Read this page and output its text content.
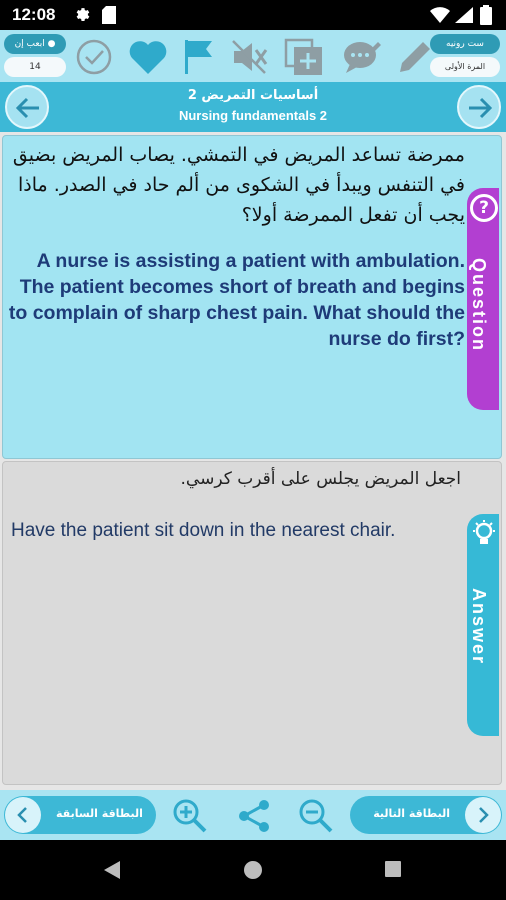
12:08
ابعب إن ●
14
ست رونيه
المرة الأولى
أساسيات التمريض 2
Nursing fundamentals 2
ممرضة تساعد المريض في التمشي. يصاب المريض بضيق في التنفس ويبدأ في الشكوى من ألم حاد في الصدر. ماذا يجب أن تفعل الممرضة أولا؟
A nurse is assisting a patient with ambulation. The patient becomes short of breath and begins to complain of sharp chest pain. What should the nurse do first?
?
Question
اجعل المريض يجلس على أقرب كرسي.
Have the patient sit down in the nearest chair.
Answer
البطاقة السابقة	البطاقة التالية
